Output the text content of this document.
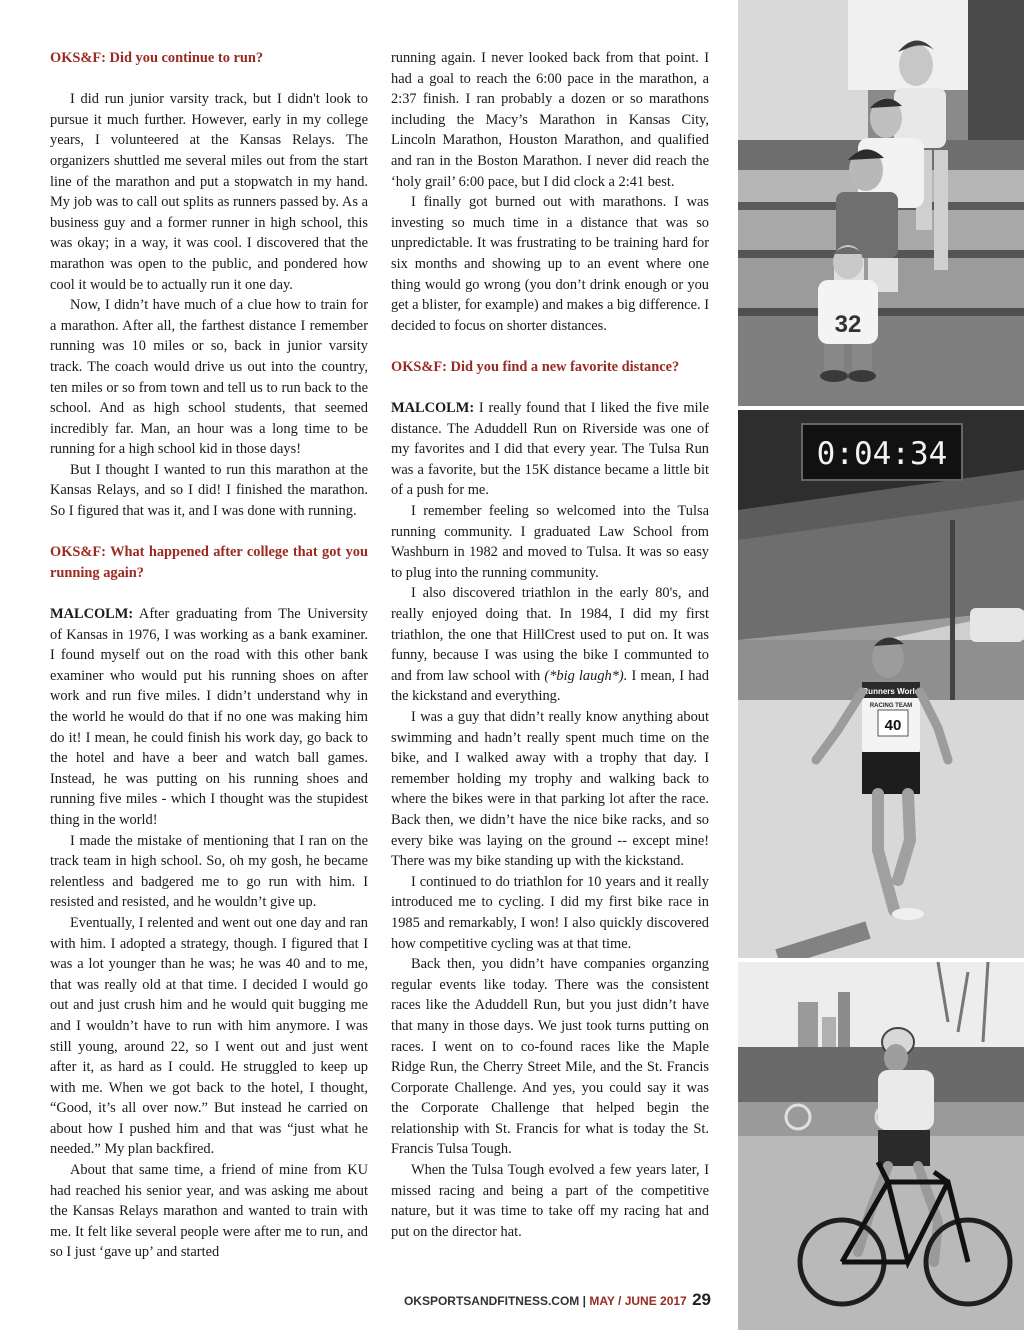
OKS&F: Did you continue to run?

I did run junior varsity track, but I didn't look to pursue it much further. However, early in my college years, I volunteered at the Kansas Relays. The organizers shuttled me several miles out from the start line of the marathon and put a stopwatch in my hand. My job was to call out splits as runners passed by. As a business guy and a former runner in high school, this was okay; in a way, it was cool. I discovered that the marathon was open to the public, and pondered how cool it would be to actually run it one day.

Now, I didn’t have much of a clue how to train for a marathon. After all, the farthest distance I remember running was 10 miles or so, back in junior varsity track. The coach would drive us out into the country, ten miles or so from town and tell us to run back to the school. And as high school students, that seemed incredibly far. Man, an hour was a long time to be running for a high school kid in those days!

But I thought I wanted to run this marathon at the Kansas Relays, and so I did! I finished the marathon. So I figured that was it, and I was done with running.

OKS&F: What happened after college that got you running again?

MALCOLM: After graduating from The University of Kansas in 1976, I was working as a bank examiner. I found myself out on the road with this other bank examiner who would put his running shoes on after work and run five miles. I didn’t understand why in the world he would do that if no one was making him do it! I mean, he could finish his work day, go back to the hotel and have a beer and watch ball games. Instead, he was putting on his running shoes and running five miles - which I thought was the stupidest thing in the world!

I made the mistake of mentioning that I ran on the track team in high school. So, oh my gosh, he became relentless and badgered me to go run with him. I resisted and resisted, and he wouldn’t give up.

Eventually, I relented and went out one day and ran with him. I adopted a strategy, though. I figured that I was a lot younger than he was; he was 40 and to me, that was really old at that time. I decided I would go out and just crush him and he would quit bugging me and I wouldn’t have to run with him anymore. I was still young, around 22, so I went out and just went after it, as hard as I could. He struggled to keep up with me. When we got back to the hotel, I thought, “Good, it’s all over now.” But instead he carried on about how I pushed him and that was “just what he needed.” My plan backfired.

About that same time, a friend of mine from KU had reached his senior year, and was asking me about the Kansas Relays marathon and wanted to train with me. It felt like several people were after me to run, and so I just ‘gave up’ and started

running again. I never looked back from that point. I had a goal to reach the 6:00 pace in the marathon, a 2:37 finish. I ran probably a dozen or so marathons including the Macy’s Marathon in Kansas City, Lincoln Marathon, Houston Marathon, and qualified and ran in the Boston Marathon. I never did reach the ‘holy grail’ 6:00 pace, but I did clock a 2:41 best.

I finally got burned out with marathons. I was investing so much time in a distance that was so unpredictable. It was frustrating to be training hard for six months and showing up to an event where one thing would go wrong (you don’t drink enough or you get a blister, for example) and makes a big difference. I decided to focus on shorter distances.

OKS&F: Did you find a new favorite distance?

MALCOLM: I really found that I liked the five mile distance. The Aduddell Run on Riverside was one of my favorites and I did that every year. The Tulsa Run was a favorite, but the 15K distance became a little bit of a push for me.

I remember feeling so welcomed into the Tulsa running community. I graduated Law School from Washburn in 1982 and moved to Tulsa. It was so easy to plug into the running community.

I also discovered triathlon in the early 80's, and really enjoyed doing that. In 1984, I did my first triathlon, the one that HillCrest used to put on. It was funny, because I was using the bike I communted to and from law school with (*big laugh*). I mean, I had the kickstand and everything.

I was a guy that didn’t really know anything about swimming and hadn’t really spent much time on the bike, and I walked away with a trophy that day. I remember holding my trophy and walking back to where the bikes were in that parking lot after the race. Back then, we didn’t have the nice bike racks, and so every bike was laying on the ground -- except mine! There was my bike standing up with the kickstand.

I continued to do triathlon for 10 years and it really introduced me to cycling. I did my first bike race in 1985 and remarkably, I won! I also quickly discovered how competitive cycling was at that time.

Back then, you didn’t have companies organzing regular events like today. There was the consistent races like the Aduddell Run, but you just didn’t have that many in those days. We just took turns putting on races. I went on to co-found races like the Maple Ridge Run, the Cherry Street Mile, and the St. Francis Corporate Challenge. And yes, you could say it was the Corporate Challenge that helped begin the relationship with St. Francis for what is today the St. Francis Tulsa Tough.

When the Tulsa Tough evolved a few years later, I missed racing and being a part of the competitive nature, but it was time to take off my racing hat and put on the director hat.

32
0:04:34
Runners World
RACING TEAM
40
OKSPORTSANDFITNESS.COM | MAY / JUNE 2017 29
